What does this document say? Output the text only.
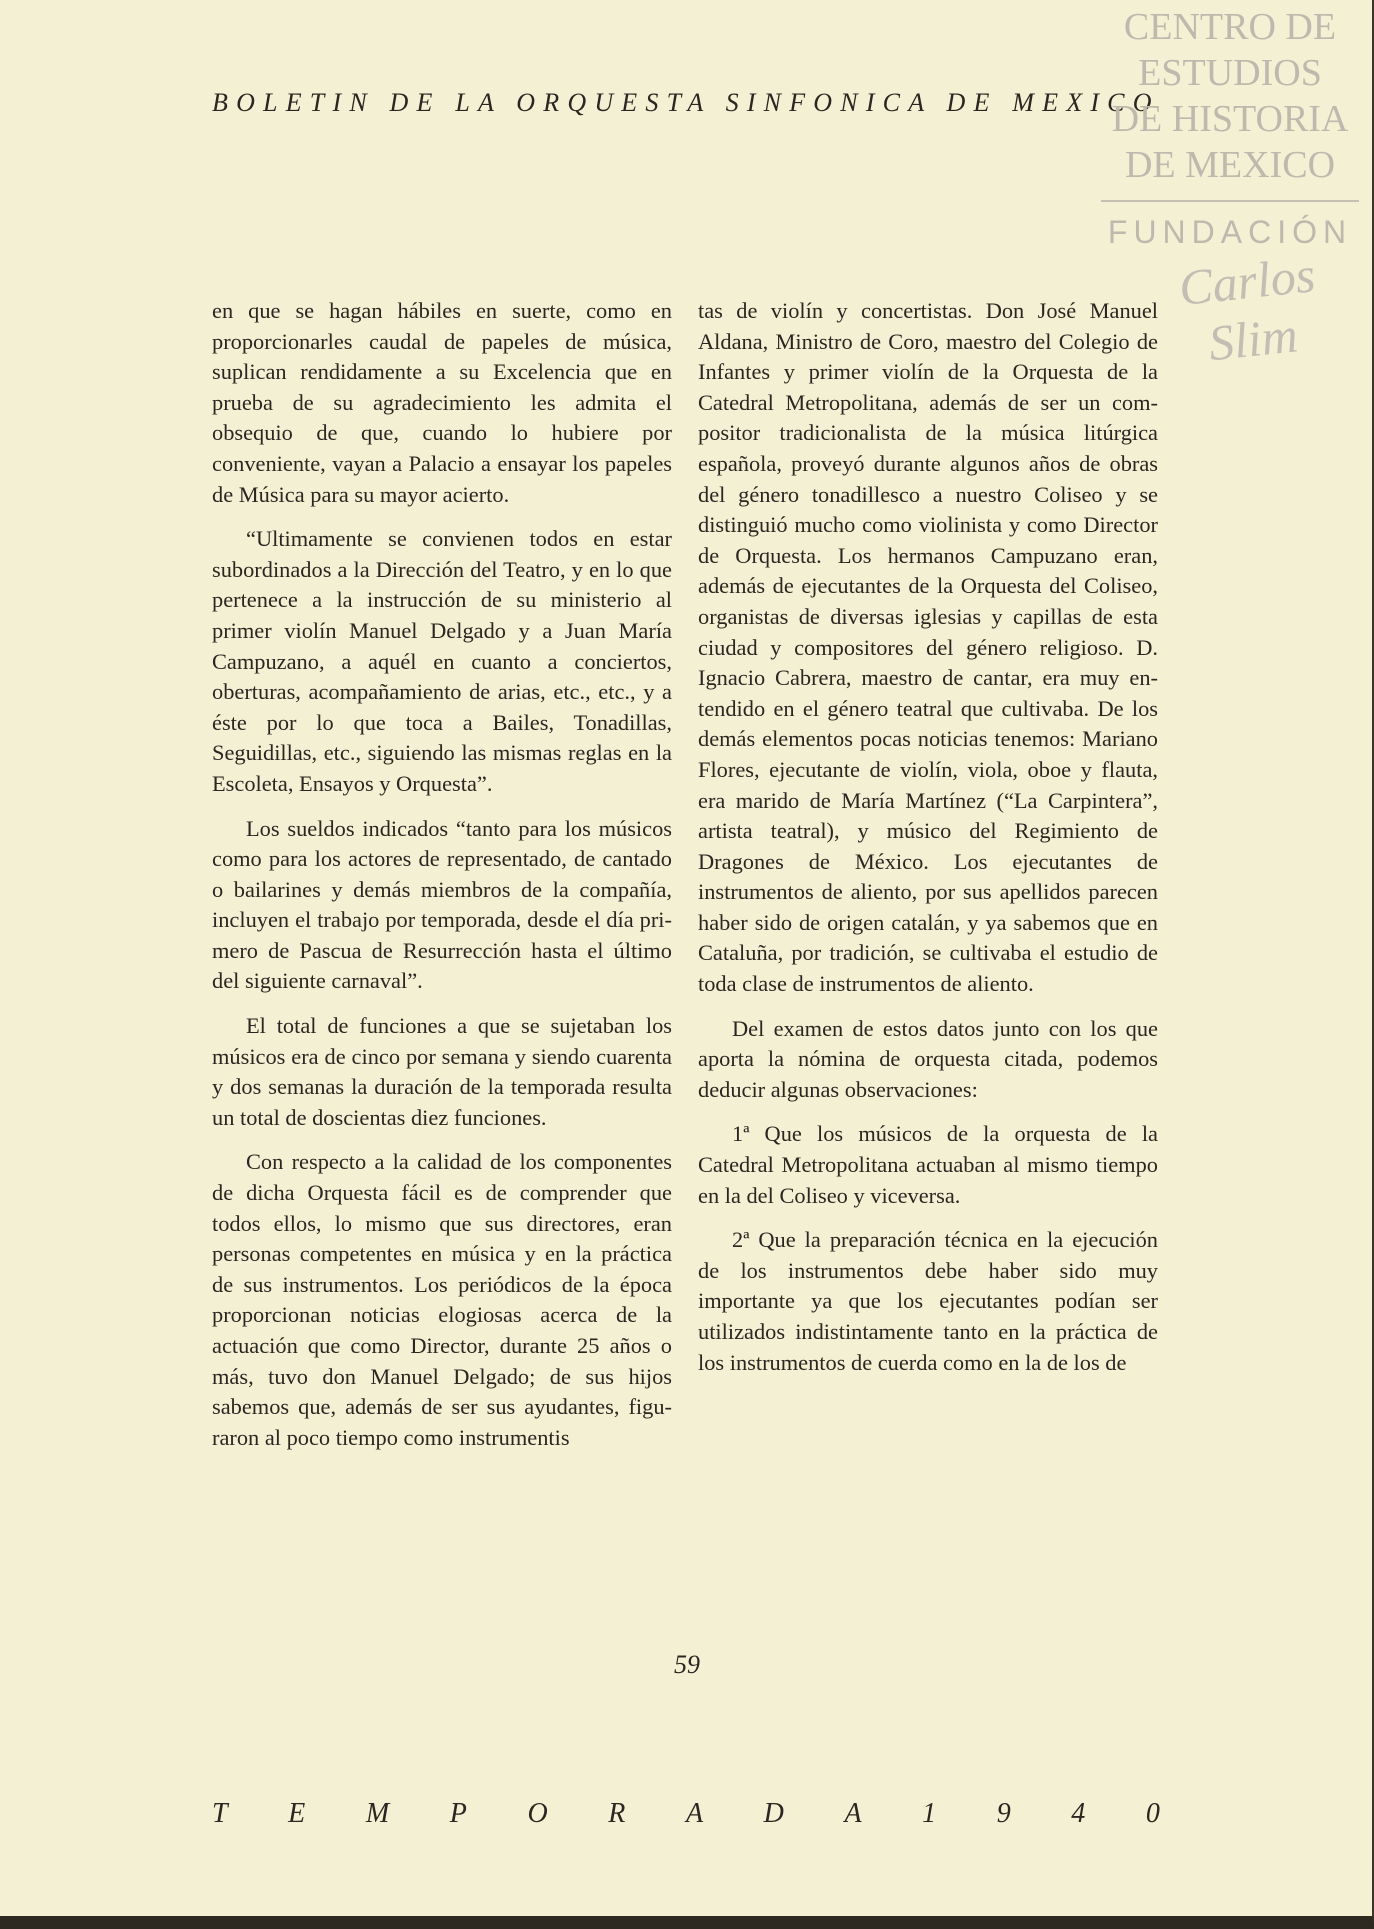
BOLETIN DE LA ORQUESTA SINFONICA DE MEXICO
CENTRO DE
ESTUDIOS
DE HISTORIA
DE MEXICO
FUNDACIÓN
Carlos Slim

en que se hagan hábiles en suerte, como en proporcionarles caudal de papeles de música, suplican rendidamente a su Excelencia que en prueba de su agradecimiento les admita el obsequio de que, cuando lo hubiere por conveniente, vayan a Palacio a ensayar los papeles de Música para su mayor acierto.

“Ultimamente se convienen todos en estar subordinados a la Dirección del Teatro, y en lo que pertenece a la instrucción de su ministerio al primer violín Manuel Delgado y a Juan María Campuzano, a aquél en cuanto a conciertos, oberturas, acompañamiento de arias, etc., etc., y a éste por lo que toca a Bailes, Tonadillas, Seguidillas, etc., siguiendo las mismas reglas en la Escoleta, Ensayos y Orquesta”.

Los sueldos indicados “tanto para los músicos como para los actores de representado, de cantado o bailarines y demás miembros de la compañía, incluyen el trabajo por temporada, desde el día primero de Pascua de Resurrección hasta el último del siguiente carnaval”.

El total de funciones a que se sujetaban los músicos era de cinco por semana y siendo cuarenta y dos semanas la duración de la temporada resulta un total de doscientas diez funciones.

Con respecto a la calidad de los componentes de dicha Orquesta fácil es de comprender que todos ellos, lo mismo que sus directores, eran personas competentes en música y en la práctica de sus instrumentos. Los periódicos de la época proporcionan noticias elogiosas acerca de la actuación que como Director, durante 25 años o más, tuvo don Manuel Delgado; de sus hijos sabemos que, además de ser sus ayudantes, figuraron al poco tiempo como instrumentis

tas de violín y concertistas. Don José Manuel Aldana, Ministro de Coro, maestro del Colegio de Infantes y primer violín de la Orquesta de la Catedral Metropolitana, además de ser un compositor tradicionalista de la música litúrgica española, proveyó durante algunos años de obras del género tonadillesco a nuestro Coliseo y se distinguió mucho como violinista y como Director de Orquesta. Los hermanos Campuzano eran, además de ejecutantes de la Orquesta del Coliseo, organistas de diversas iglesias y capillas de esta ciudad y compositores del género religioso. D. Ignacio Cabrera, maestro de cantar, era muy entendido en el género teatral que cultivaba. De los demás elementos pocas noticias tenemos: Mariano Flores, ejecutante de violín, viola, oboe y flauta, era marido de María Martínez (“La Carpintera”, artista teatral), y músico del Regimiento de Dragones de México. Los ejecutantes de instrumentos de aliento, por sus apellidos parecen haber sido de origen catalán, y ya sabemos que en Cataluña, por tradición, se cultivaba el estudio de toda clase de instrumentos de aliento.

Del examen de estos datos junto con los que aporta la nómina de orquesta citada, podemos deducir algunas observaciones:

1ª Que los músicos de la orquesta de la Catedral Metropolitana actuaban al mismo tiempo en la del Coliseo y viceversa.

2ª Que la preparación técnica en la ejecución de los instrumentos debe haber sido muy importante ya que los ejecutantes podían ser utilizados indistintamente tanto en la práctica de los instrumentos de cuerda como en la de los de

59
T E M P O R A D A 1 9 4 0
